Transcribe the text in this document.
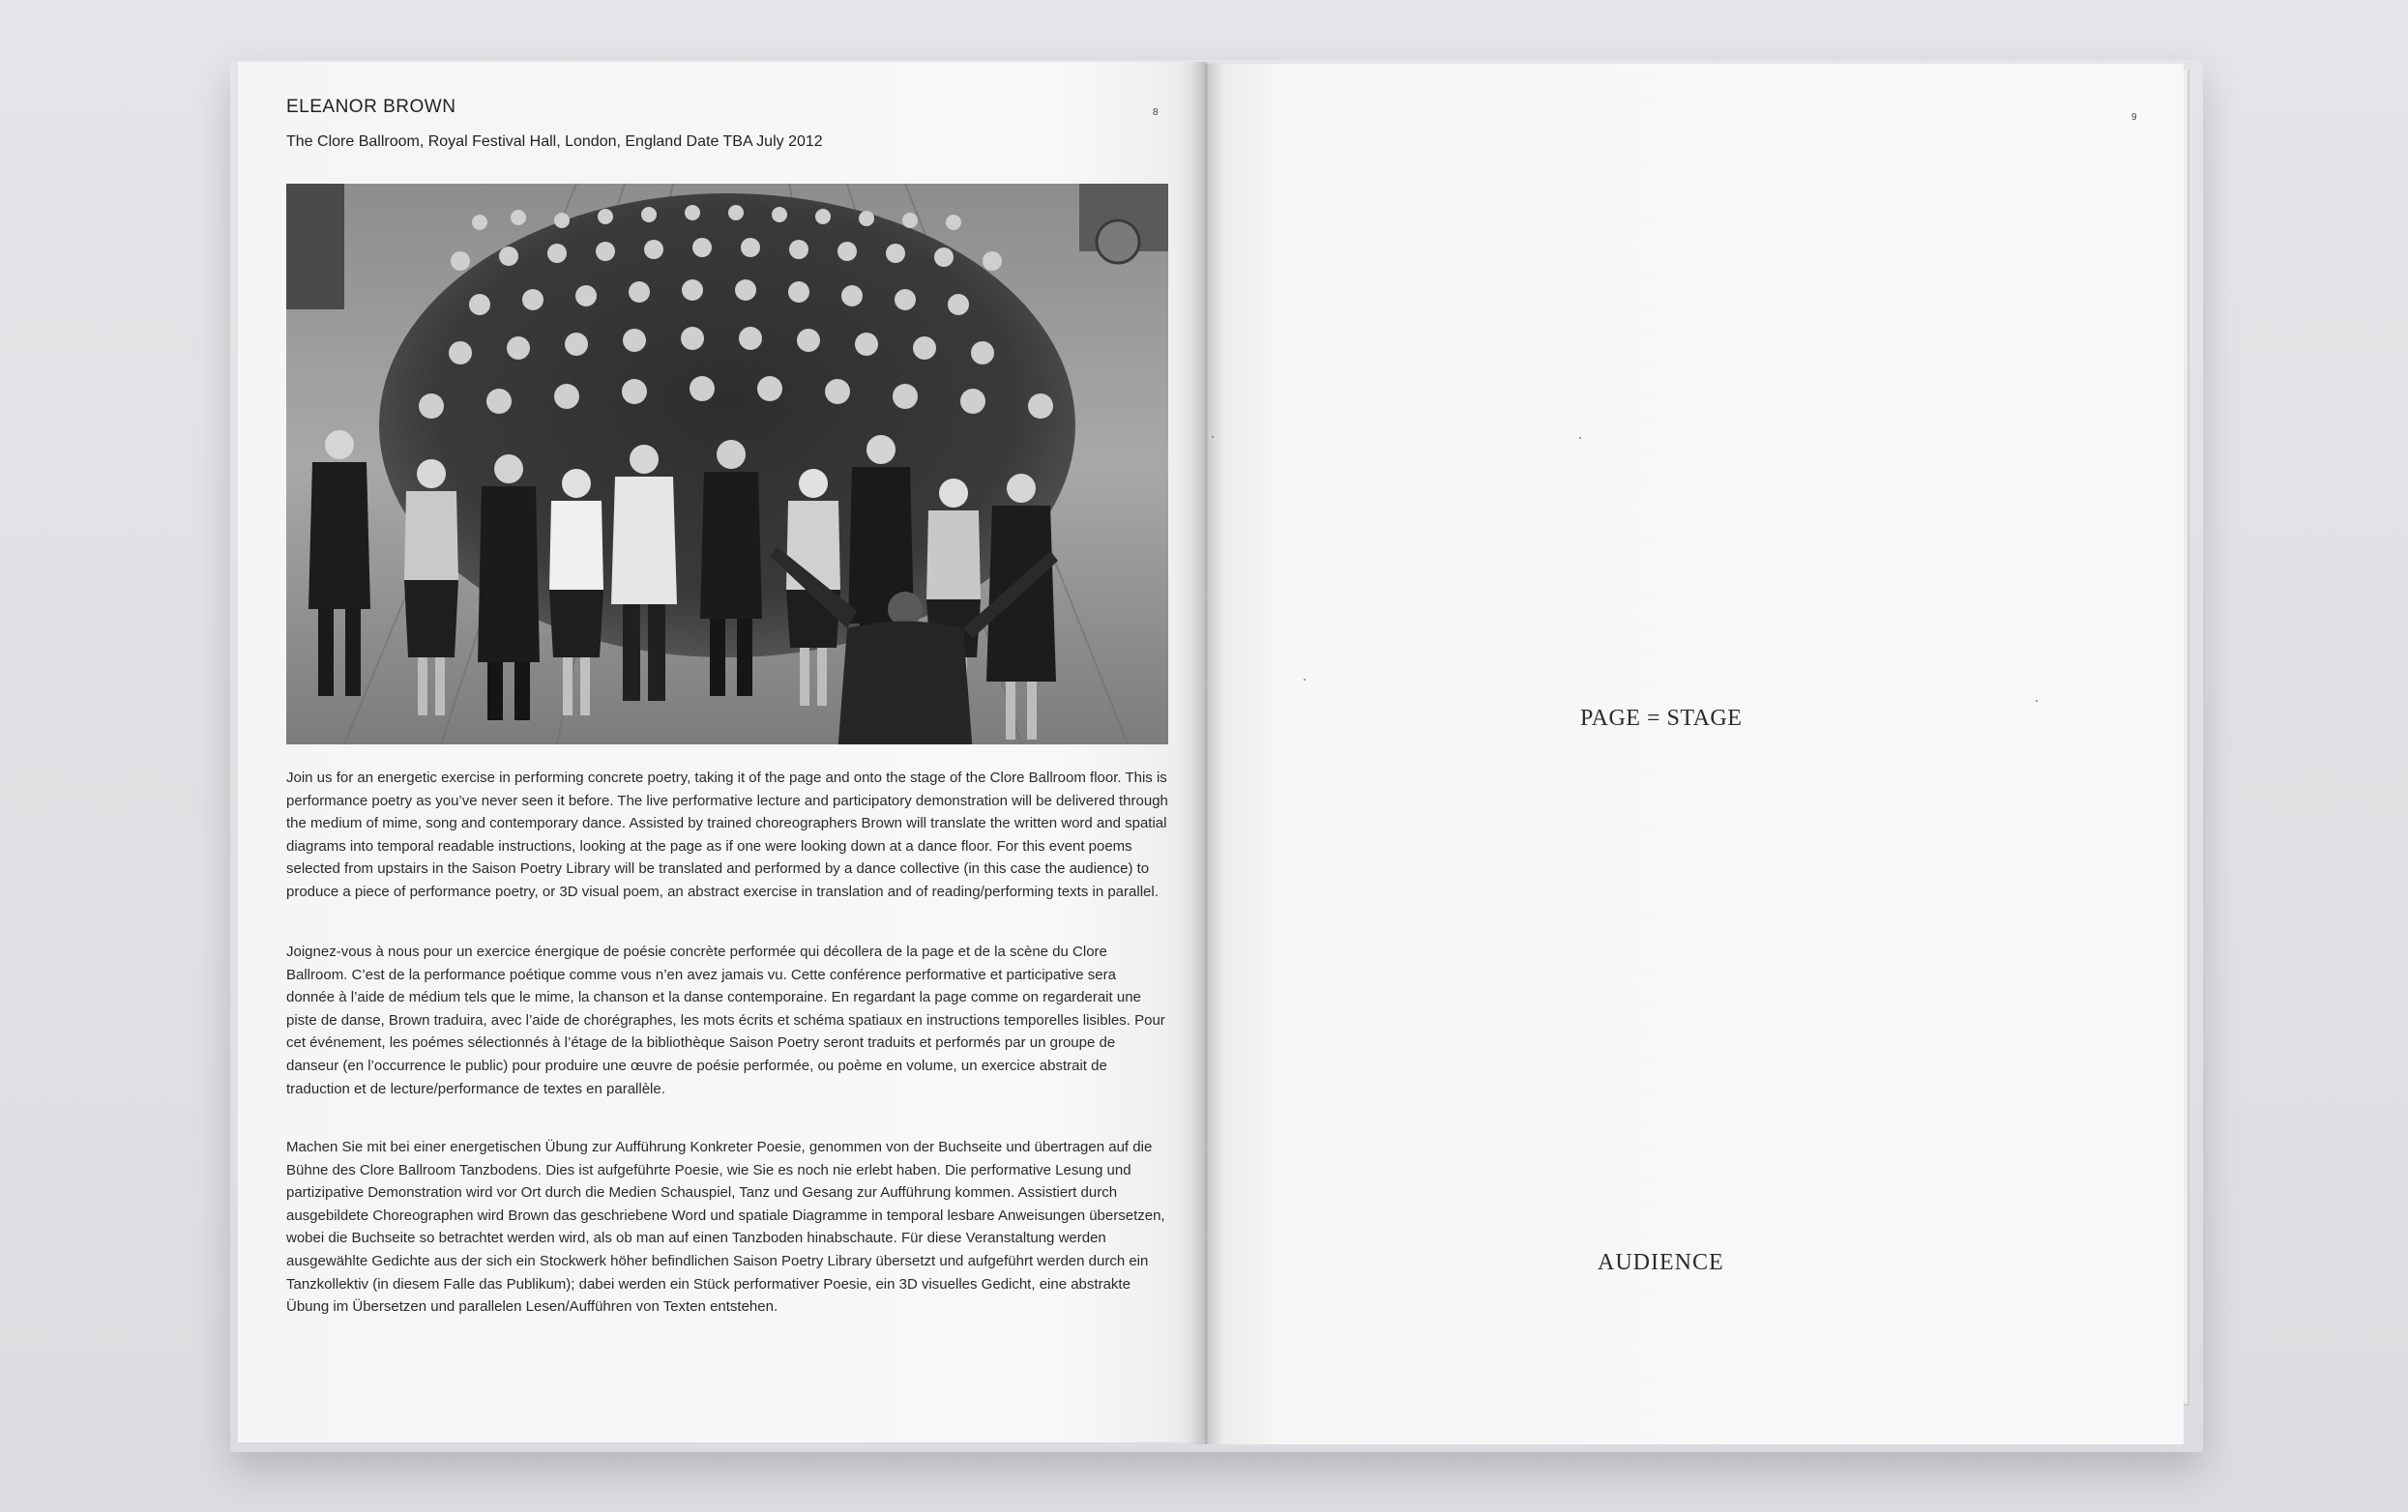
ELEANOR BROWN
The Clore Ballroom, Royal Festival Hall, London, England Date TBA July 2012
8
Join us for an energetic exercise in performing concrete poetry, taking it of the page and onto the stage of the Clore Ballroom floor. This is performance poetry as you’ve never seen it before. The live performative lecture and participatory demonstration will be delivered through the medium of mime, song and contemporary dance. Assisted by trained choreographers Brown will translate the written word and spatial diagrams into temporal readable instructions, looking at the page as if one were looking down at a dance floor. For this event poems selected from upstairs in the Saison Poetry Library will be translated and performed by a dance collective (in this case the audience) to produce a piece of performance poetry, or 3D visual poem, an abstract exercise in translation and of reading/performing texts in parallel.
Joignez-vous à nous pour un exercice énergique de poésie concrète performée qui décollera de la page et de la scène du Clore Ballroom. C’est de la performance poétique comme vous n’en avez jamais vu. Cette conférence performative et participative sera donnée à l’aide de médium tels que le mime, la chanson et la danse contemporaine. En regardant la page comme on regarderait une piste de danse, Brown traduira, avec l’aide de chorégraphes, les mots écrits et schéma spatiaux en instructions temporelles lisibles. Pour cet événement, les poémes sélectionnés à l’étage de la bibliothèque Saison Poetry seront traduits et performés par un groupe de danseur (en l’occurrence le public) pour produire une œuvre de poésie performée, ou poème en volume, un exercice abstrait de traduction et de lecture/performance de textes en parallèle.
Machen Sie mit bei einer energetischen Übung zur Aufführung Konkreter Poesie, genommen von der Buchseite und übertragen auf die Bühne des Clore Ballroom Tanzbodens. Dies ist aufgeführte Poesie, wie Sie es noch nie erlebt haben. Die performative Lesung und partizipative Demonstration wird vor Ort durch die Medien Schauspiel, Tanz und Gesang zur Aufführung kommen. Assistiert durch ausgebildete Choreographen wird Brown das geschriebene Word und spatiale Diagramme in temporal lesbare Anweisungen übersetzen, wobei die Buchseite so betrachtet werden wird, als ob man auf einen Tanzboden hinabschaute. Für diese Veranstaltung werden ausgewählte Gedichte aus der sich ein Stockwerk höher befindlichen Saison Poetry Library übersetzt und aufgeführt werden durch ein Tanzkollektiv (in diesem Falle das Publikum); dabei werden ein Stück performativer Poesie, ein 3D visuelles Gedicht, eine abstrakte Übung im Übersetzen und parallelen Lesen/Aufführen von Texten entstehen.
9
PAGE = STAGE
AUDIENCE
